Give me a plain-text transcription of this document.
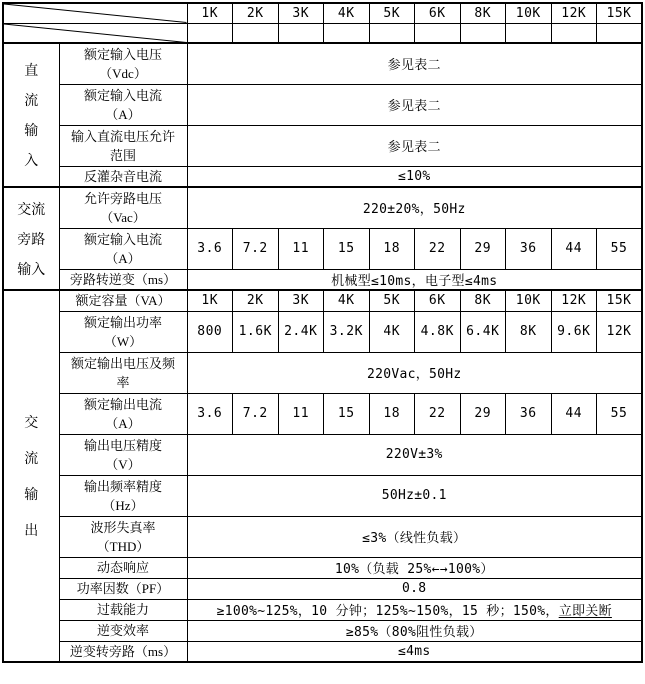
	1K	2K	3K	4K	5K	6K	8K	10K	12K	15K

直
流
输
入

额定输入电压
（Vdc）	参见表二

	额定输入电流
（A）	参见表二									

	输入直流电压允许
范围	参见表二									

	反灌杂音电流	≤10%									

交流
旁路
输入

允许旁路电压
（Vac）	220±20%，50Hz

	额定输入电流
（A）	3.6	7.2	11	15	18	22	29	36	44	55

	旁路转逆变（ms）	机械型≤10ms，电子型≤4ms									

交
流
输
出	额定容量（VA）	1K	2K	3K	4K	5K	6K	8K	10K	12K	15K

	额定输出功率
（W）	800	1.6K	2.4K	3.2K	4K	4.8K	6.4K	8K	9.6K	12K

	额定输出电压及频
率	220Vac，50Hz									

	额定输出电流
（A）	3.6	7.2	11	15	18	22	29	36	44	55

	输出电压精度
（V）	220V±3%									

	输出频率精度
（Hz）	50Hz±0.1									

	波形失真率
（THD）	≤3%（线性负载）									

	动态响应	10%（负载 25%←→100%）									

	功率因数（PF）	0.8									

	过载能力	≥100%~125%，10 分钟；125%~150%，15 秒；150%，立即关断									

	逆变效率	≥85%（80%阻性负载）									

	逆变转旁路（ms）	≤4ms									
